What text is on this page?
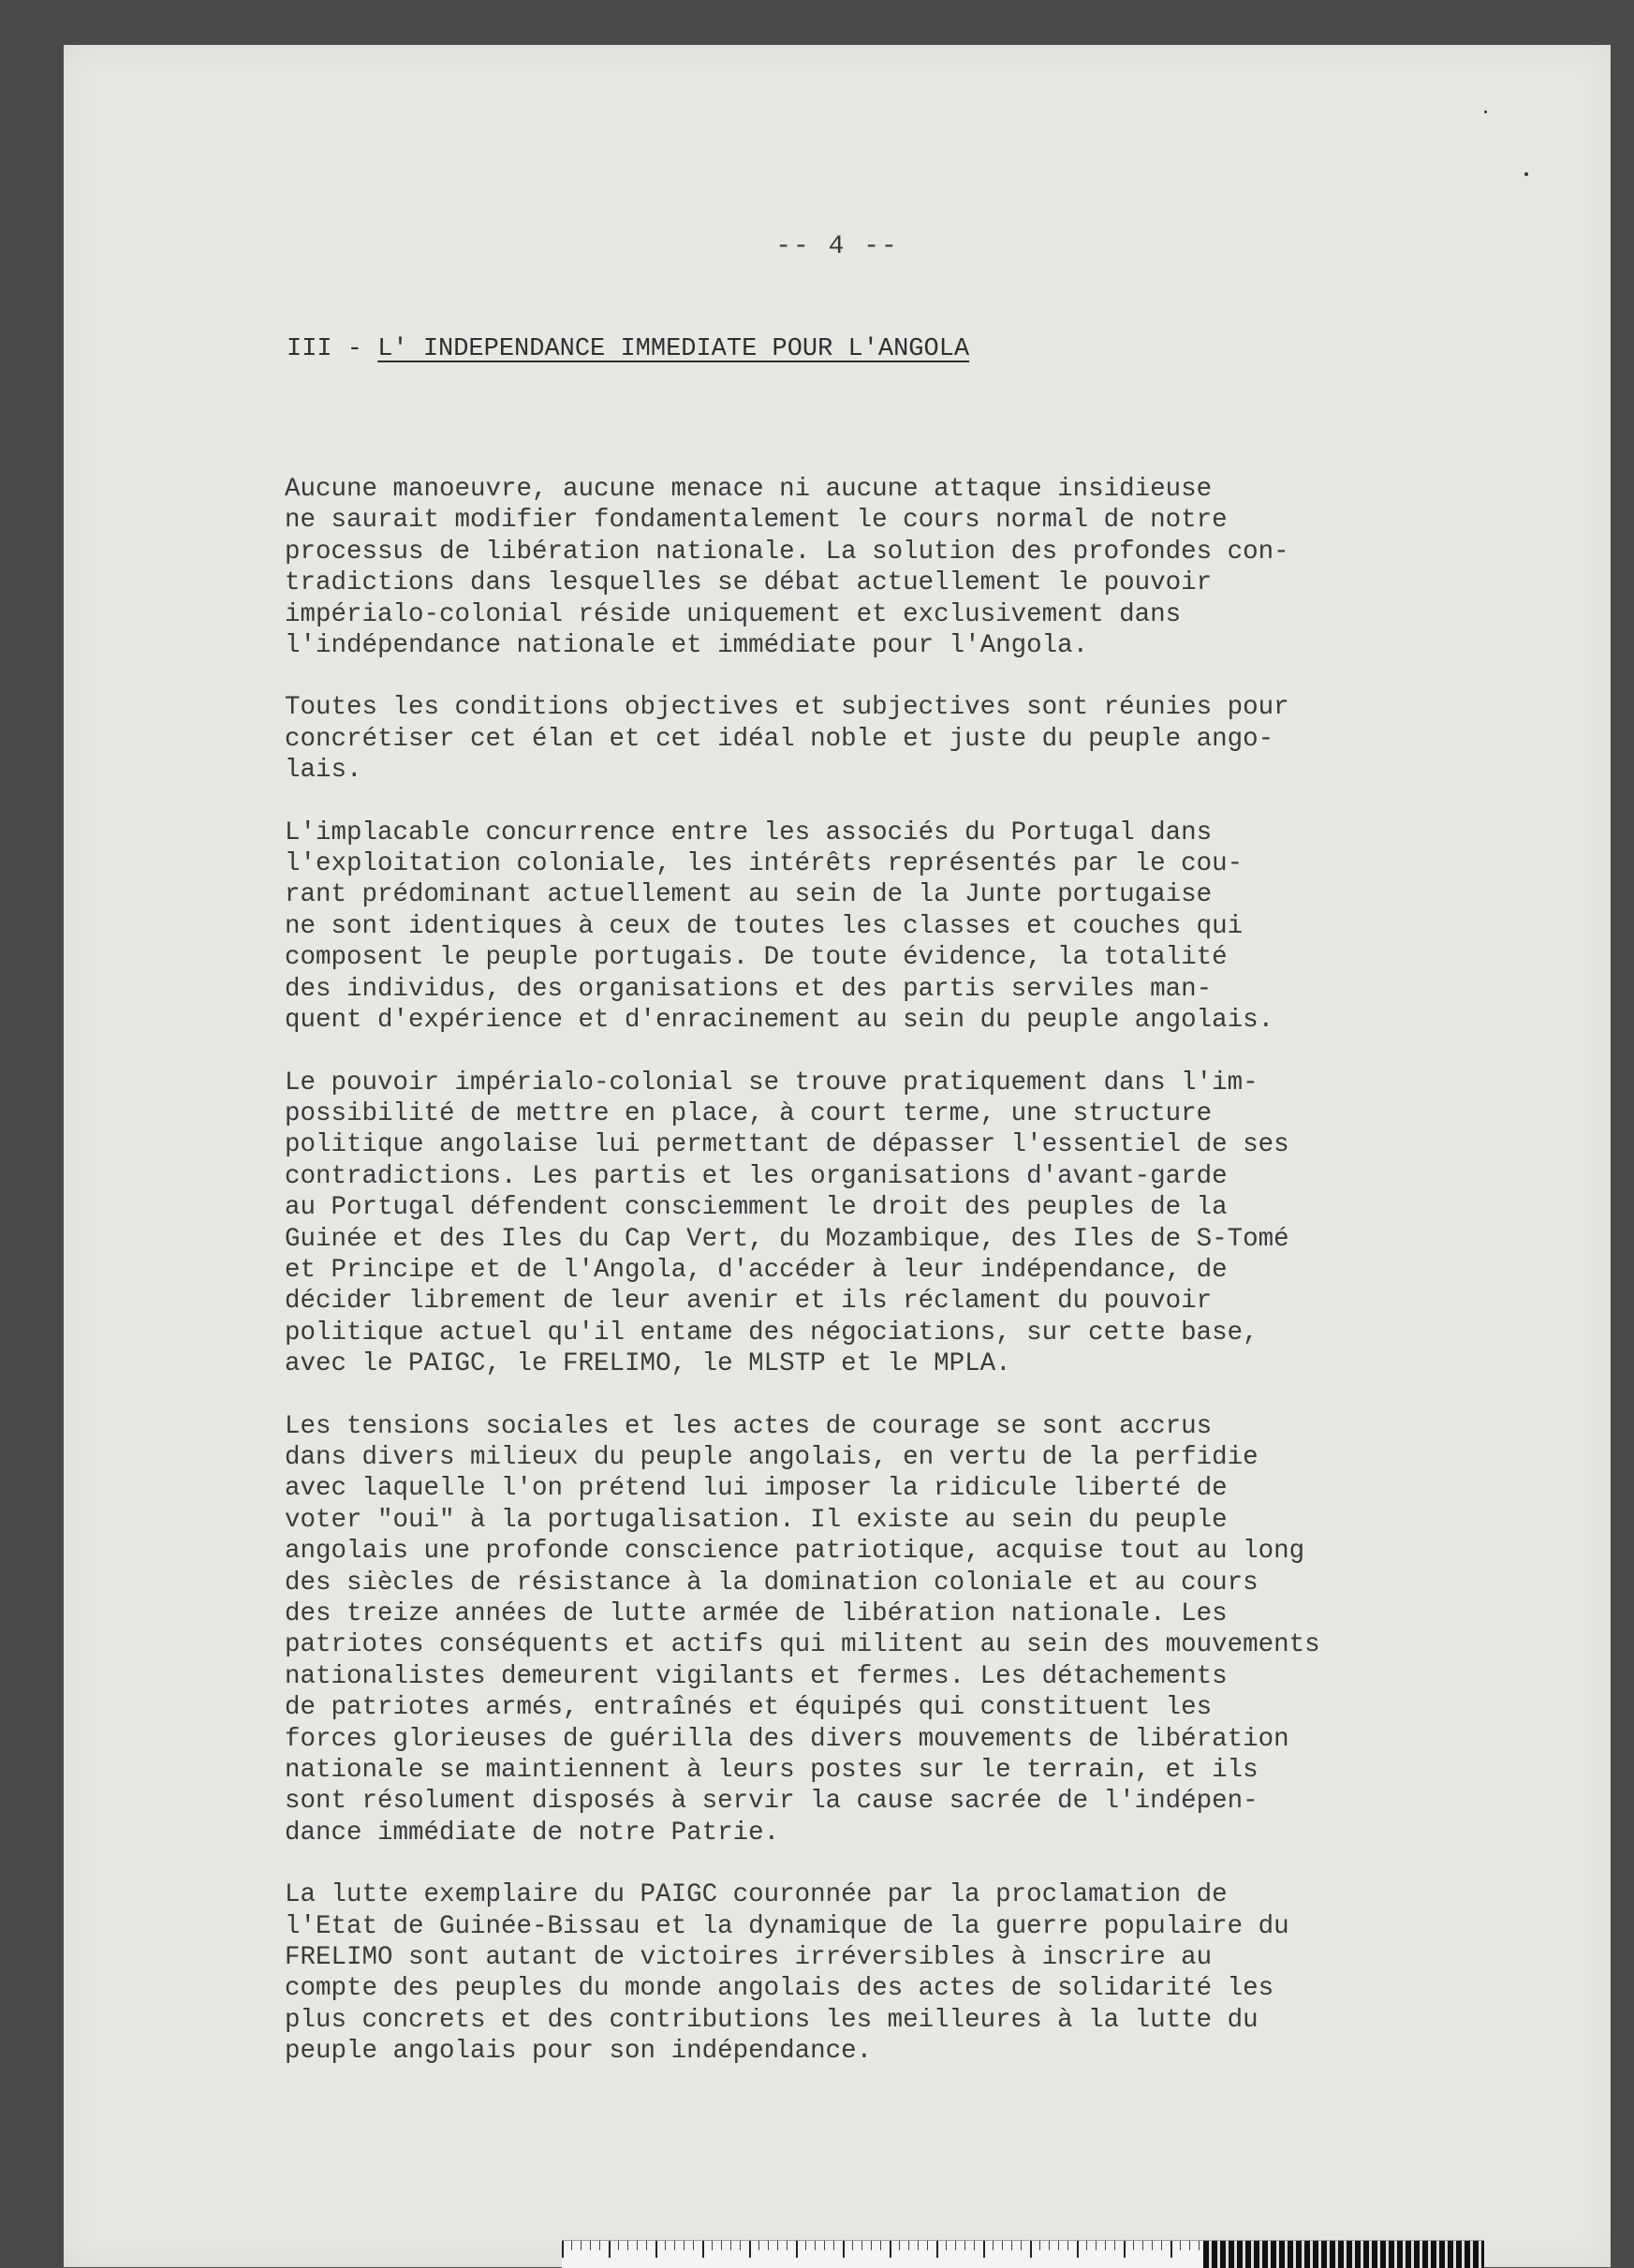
-- 4 --
III - L' INDEPENDANCE IMMEDIATE POUR L'ANGOLA

Aucune manoeuvre, aucune menace ni aucune attaque insidieuse
ne saurait modifier fondamentalement le cours normal de notre
processus de libération nationale. La solution des profondes con-
tradictions dans lesquelles se débat actuellement le pouvoir
impérialo-colonial réside uniquement et exclusivement dans
l'indépendance nationale et immédiate pour l'Angola.

Toutes les conditions objectives et subjectives sont réunies pour
concrétiser cet élan et cet idéal noble et juste du peuple ango-
lais.

L'implacable concurrence entre les associés du Portugal dans
l'exploitation coloniale, les intérêts représentés par le cou-
rant prédominant actuellement au sein de la Junte portugaise
ne sont identiques à ceux de toutes les classes et couches qui
composent le peuple portugais. De toute évidence, la totalité
des individus, des organisations et des partis serviles man-
quent d'expérience et d'enracinement au sein du peuple angolais.

Le pouvoir impérialo-colonial se trouve pratiquement dans l'im-
possibilité de mettre en place, à court terme, une structure
politique angolaise lui permettant de dépasser l'essentiel de ses
contradictions. Les partis et les organisations d'avant-garde
au Portugal défendent consciemment le droit des peuples de la
Guinée et des Iles du Cap Vert, du Mozambique, des Iles de S-Tomé
et Principe et de l'Angola, d'accéder à leur indépendance, de
décider librement de leur avenir et ils réclament du pouvoir
politique actuel qu'il entame des négociations, sur cette base,
avec le PAIGC, le FRELIMO, le MLSTP et le MPLA.

Les tensions sociales et les actes de courage se sont accrus
dans divers milieux du peuple angolais, en vertu de la perfidie
avec laquelle l'on prétend lui imposer la ridicule liberté de
voter "oui" à la portugalisation. Il existe au sein du peuple
angolais une profonde conscience patriotique, acquise tout au long
des siècles de résistance à la domination coloniale et au cours
des treize années de lutte armée de libération nationale. Les
patriotes conséquents et actifs qui militent au sein des mouvements
nationalistes demeurent vigilants et fermes. Les détachements
de patriotes armés, entraînés et équipés qui constituent les
forces glorieuses de guérilla des divers mouvements de libération
nationale se maintiennent à leurs postes sur le terrain, et ils
sont résolument disposés à servir la cause sacrée de l'indépen-
dance immédiate de notre Patrie.

La lutte exemplaire du PAIGC couronnée par la proclamation de
l'Etat de Guinée-Bissau et la dynamique de la guerre populaire du
FRELIMO sont autant de victoires irréversibles à inscrire au
compte des peuples du monde angolais des actes de solidarité les
plus concrets et des contributions les meilleures à la lutte du
peuple angolais pour son indépendance.
